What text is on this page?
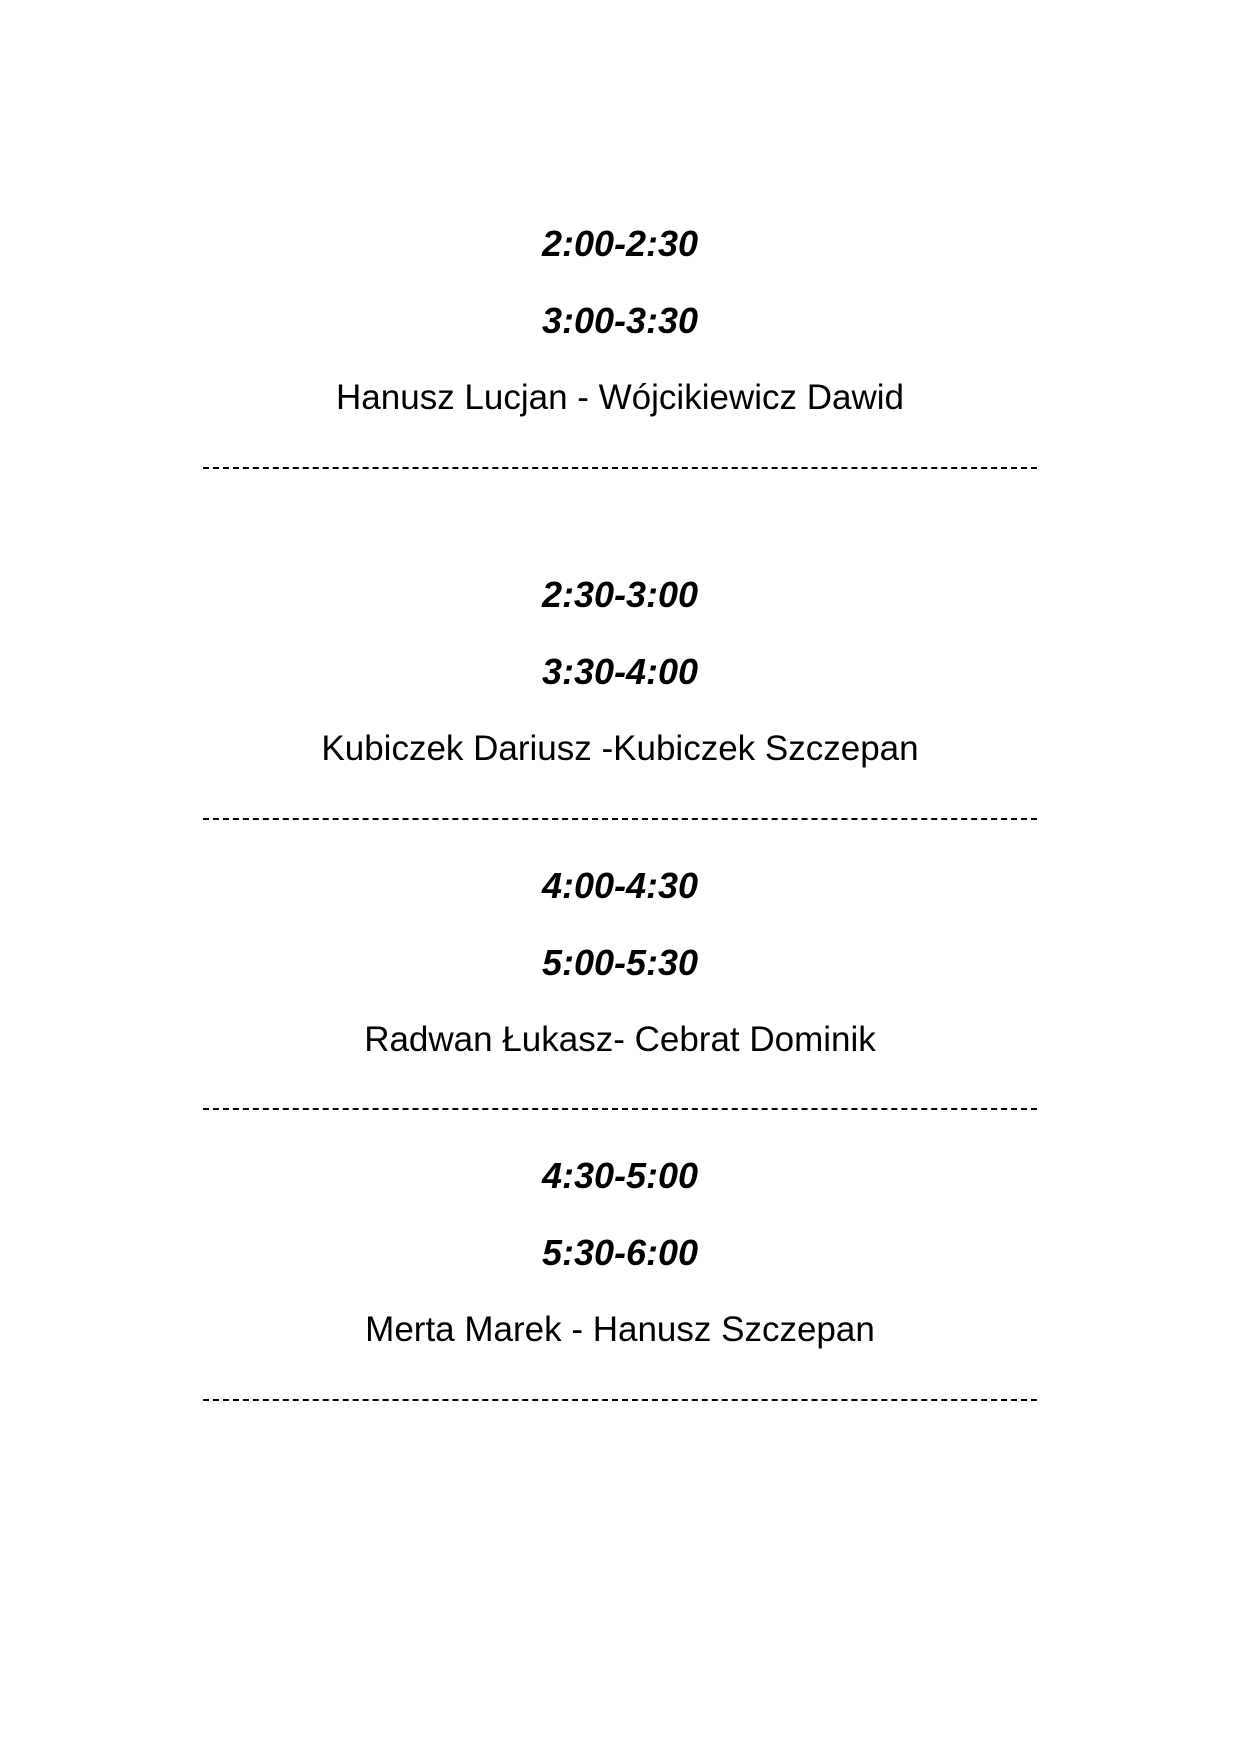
2:00-2:30
3:00-3:30
Hanusz Lucjan - Wójcikiewicz Dawid
2:30-3:00
3:30-4:00
Kubiczek Dariusz -Kubiczek Szczepan
4:00-4:30
5:00-5:30
Radwan Łukasz- Cebrat Dominik
4:30-5:00
5:30-6:00
Merta Marek - Hanusz Szczepan
